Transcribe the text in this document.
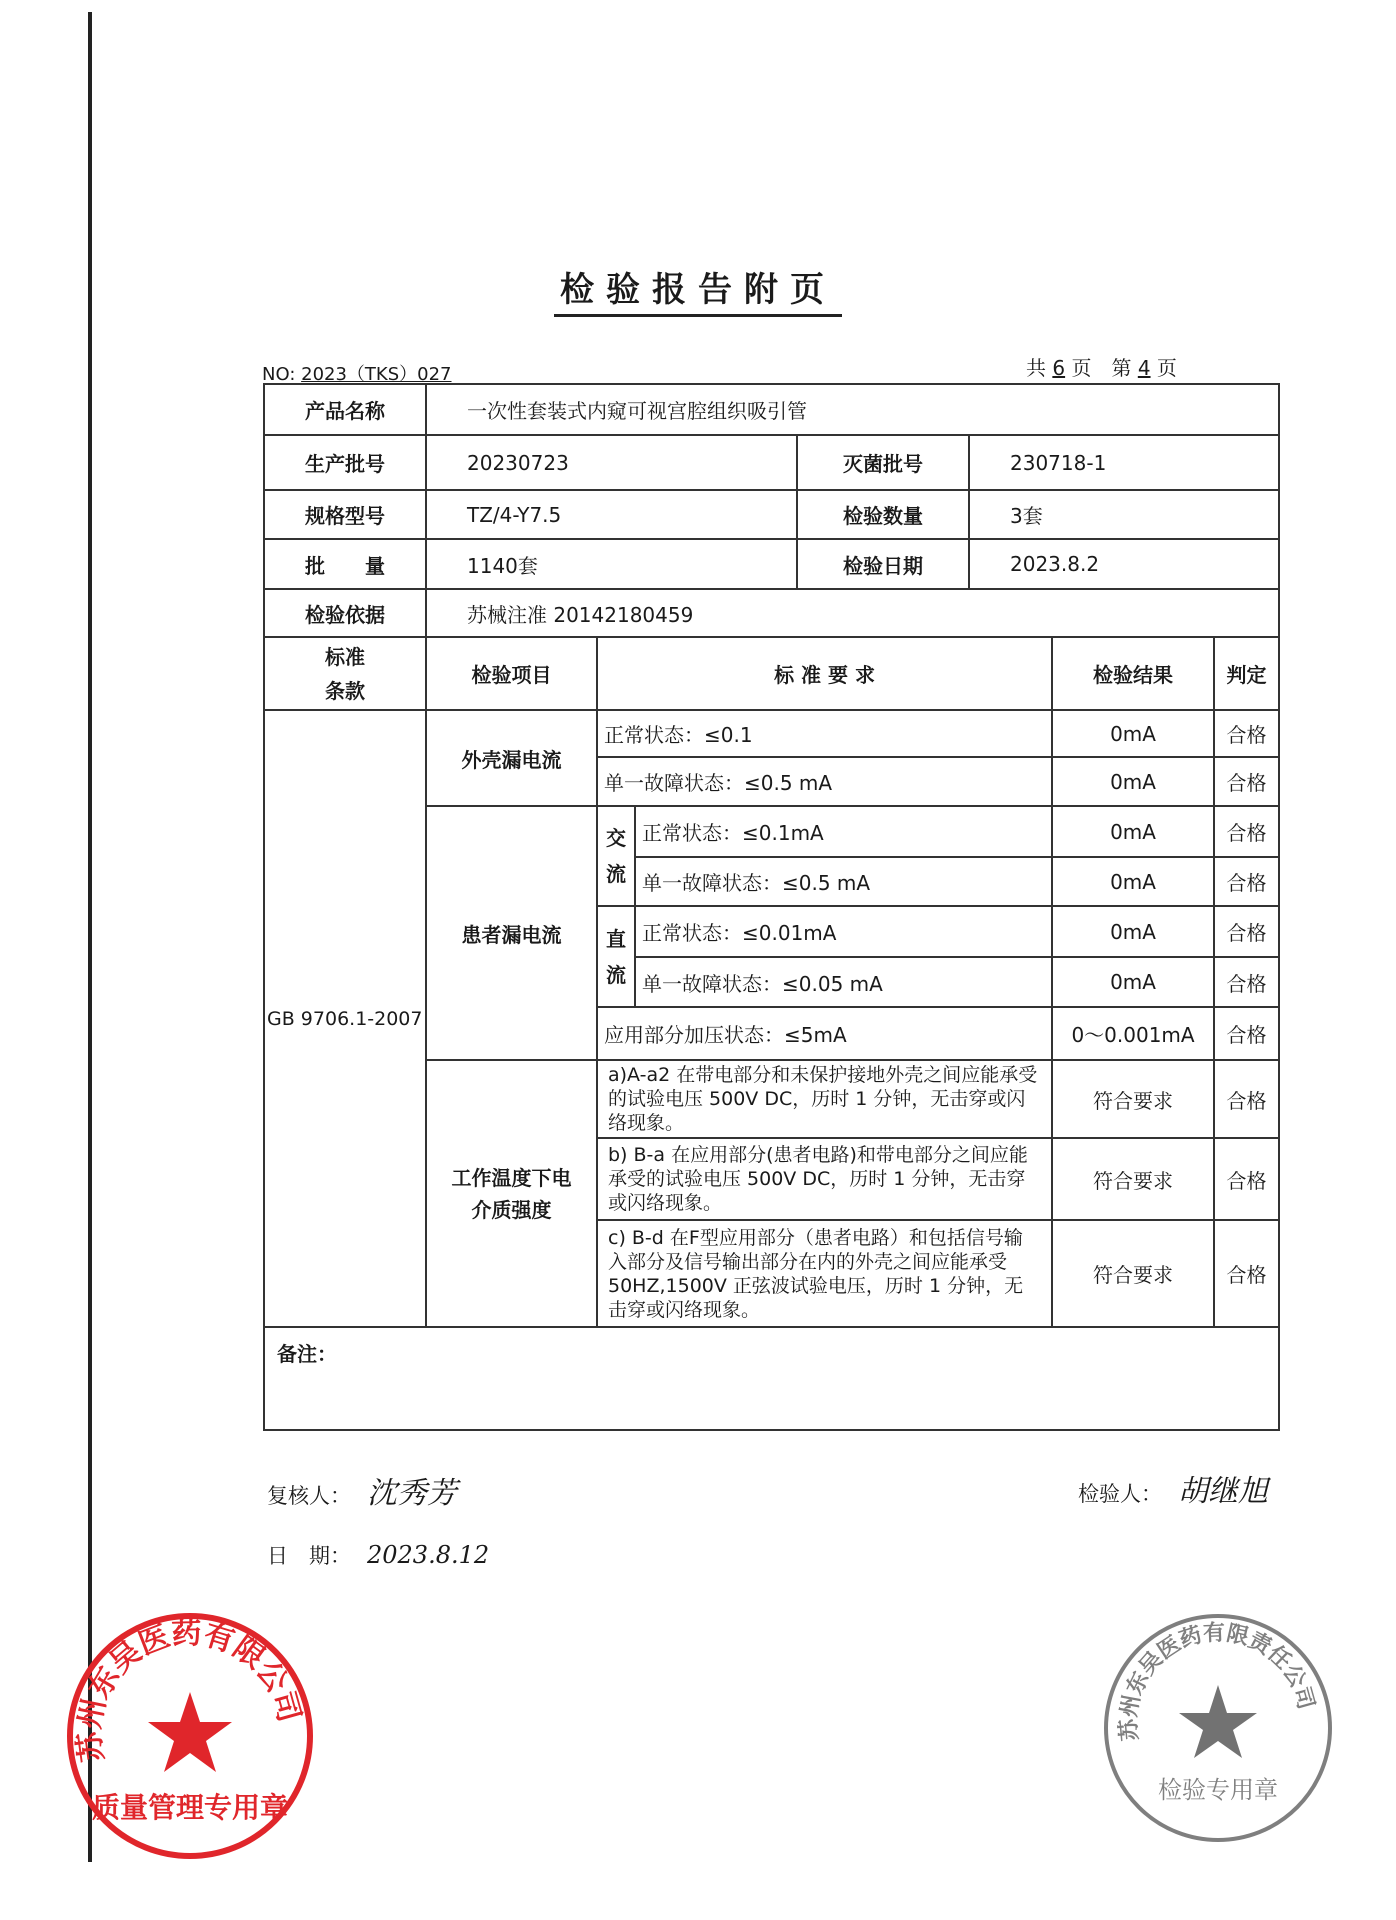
检验报告附页
NO: 2023（TKS）027	共 6 页　 第 4 页
产品名称	一次性套装式内窥可视宫腔组织吸引管		
生产批号	20230723	灭菌批号	230718-1
规格型号	TZ/4-Y7.5	检验数量	3套
批　　量	1140套	检验日期	2023.8.2
检验依据	苏械注准 20142180459		
标准
条款	检验项目	标 准 要 求		检验结果	判定
GB 9706.1-2007	外壳漏电流	正常状态：≤0.1		0mA	合格
		单一故障状态：≤0.5 mA		0mA	合格
	患者漏电流	交流	正常状态：≤0.1mA	0mA	合格
			单一故障状态：≤0.5 mA	0mA	合格
		直流	正常状态：≤0.01mA	0mA	合格
			单一故障状态：≤0.05 mA	0mA	合格
		应用部分加压状态：≤5mA		0～0.001mA	合格
	工作温度下电介质强度	a)A-a2 在带电部分和未保护接地外壳之间应能承受的试验电压 500V DC，历时 1 分钟，无击穿或闪络现象。		符合要求	合格
		b) B-a 在应用部分(患者电路)和带电部分之间应能承受的试验电压 500V DC，历时 1 分钟，无击穿或闪络现象。		符合要求	合格
		c) B-d 在F型应用部分（患者电路）和包括信号输入部分及信号输出部分在内的外壳之间应能承受 50HZ,1500V 正弦波试验电压，历时 1 分钟，无击穿或闪络现象。		符合要求	合格
备注：					
复核人： 沈秀芳	检验人： 胡继旭
日　期： 2023.8.12
苏州东吴医药有限责任公司
检验专用章
苏州东吴医药有限公司
质量管理专用章
